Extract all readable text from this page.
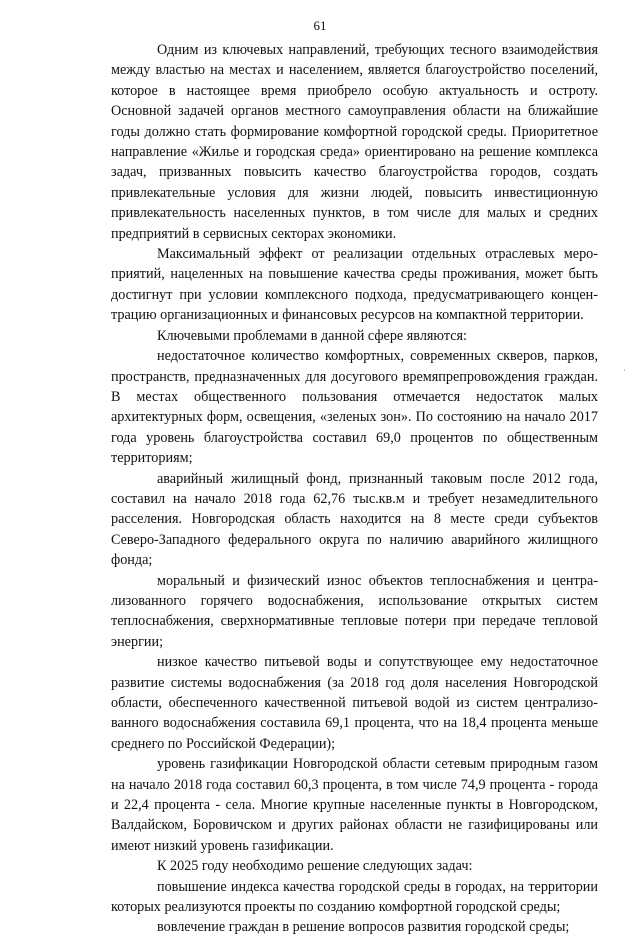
61

Одним из ключевых направлений, требующих тесного взаимодействия между властью на местах и населением, является благоустройство поселений, которое в настоящее время приобрело особую актуальность и остроту. Основной задачей органов местного самоуправления области на ближайшие годы должно стать формирование комфортной городской среды. Приоритетное направление «Жилье и городская среда» ориентировано на решение комплекса задач, призванных повысить качество благоустройства городов, создать привлекательные условия для жизни людей, повысить инвестиционную привлекательность населенных пунктов, в том числе для малых и средних предприятий в сервисных секторах экономики.

Максимальный эффект от реализации отдельных отраслевых мероприятий, нацеленных на повышение качества среды проживания, может быть достигнут при условии комплексного подхода, предусматривающего концентрацию организационных и финансовых ресурсов на компактной территории.

Ключевыми проблемами в данной сфере являются:

недостаточное количество комфортных, современных скверов, парков, пространств, предназначенных для досугового времяпрепровождения граждан. В местах общественного пользования отмечается недостаток малых архитектурных форм, освещения, «зеленых зон». По состоянию на начало 2017 года уровень благоустройства составил 69,0 процентов по общественным территориям;

аварийный жилищный фонд, признанный таковым после 2012 года, составил на начало 2018 года 62,76 тыс.кв.м и требует незамедлительного расселения. Новгородская область находится на 8 месте среди субъектов Северо-Западного федерального округа по наличию аварийного жилищного фонда;

моральный и физический износ объектов теплоснабжения и централизованного горячего водоснабжения, использование открытых систем теплоснабжения, сверхнормативные тепловые потери при передаче тепловой энергии;

низкое качество питьевой воды и сопутствующее ему недостаточное развитие системы водоснабжения (за 2018 год доля населения Новгородской области, обеспеченного качественной питьевой водой из систем централизованного водоснабжения составила 69,1 процента, что на 18,4 процента меньше среднего по Российской Федерации);

уровень газификации Новгородской области сетевым природным газом на начало 2018 года составил 60,3 процента, в том числе 74,9 процента - города и 22,4 процента - села. Многие крупные населенные пункты в Новгородском, Валдайском, Боровичском и других районах области не газифицированы или имеют низкий уровень газификации.

К 2025 году необходимо решение следующих задач:

повышение индекса качества городской среды в городах, на территории которых реализуются проекты по созданию комфортной городской среды;

вовлечение граждан в решение вопросов развития городской среды;

·
